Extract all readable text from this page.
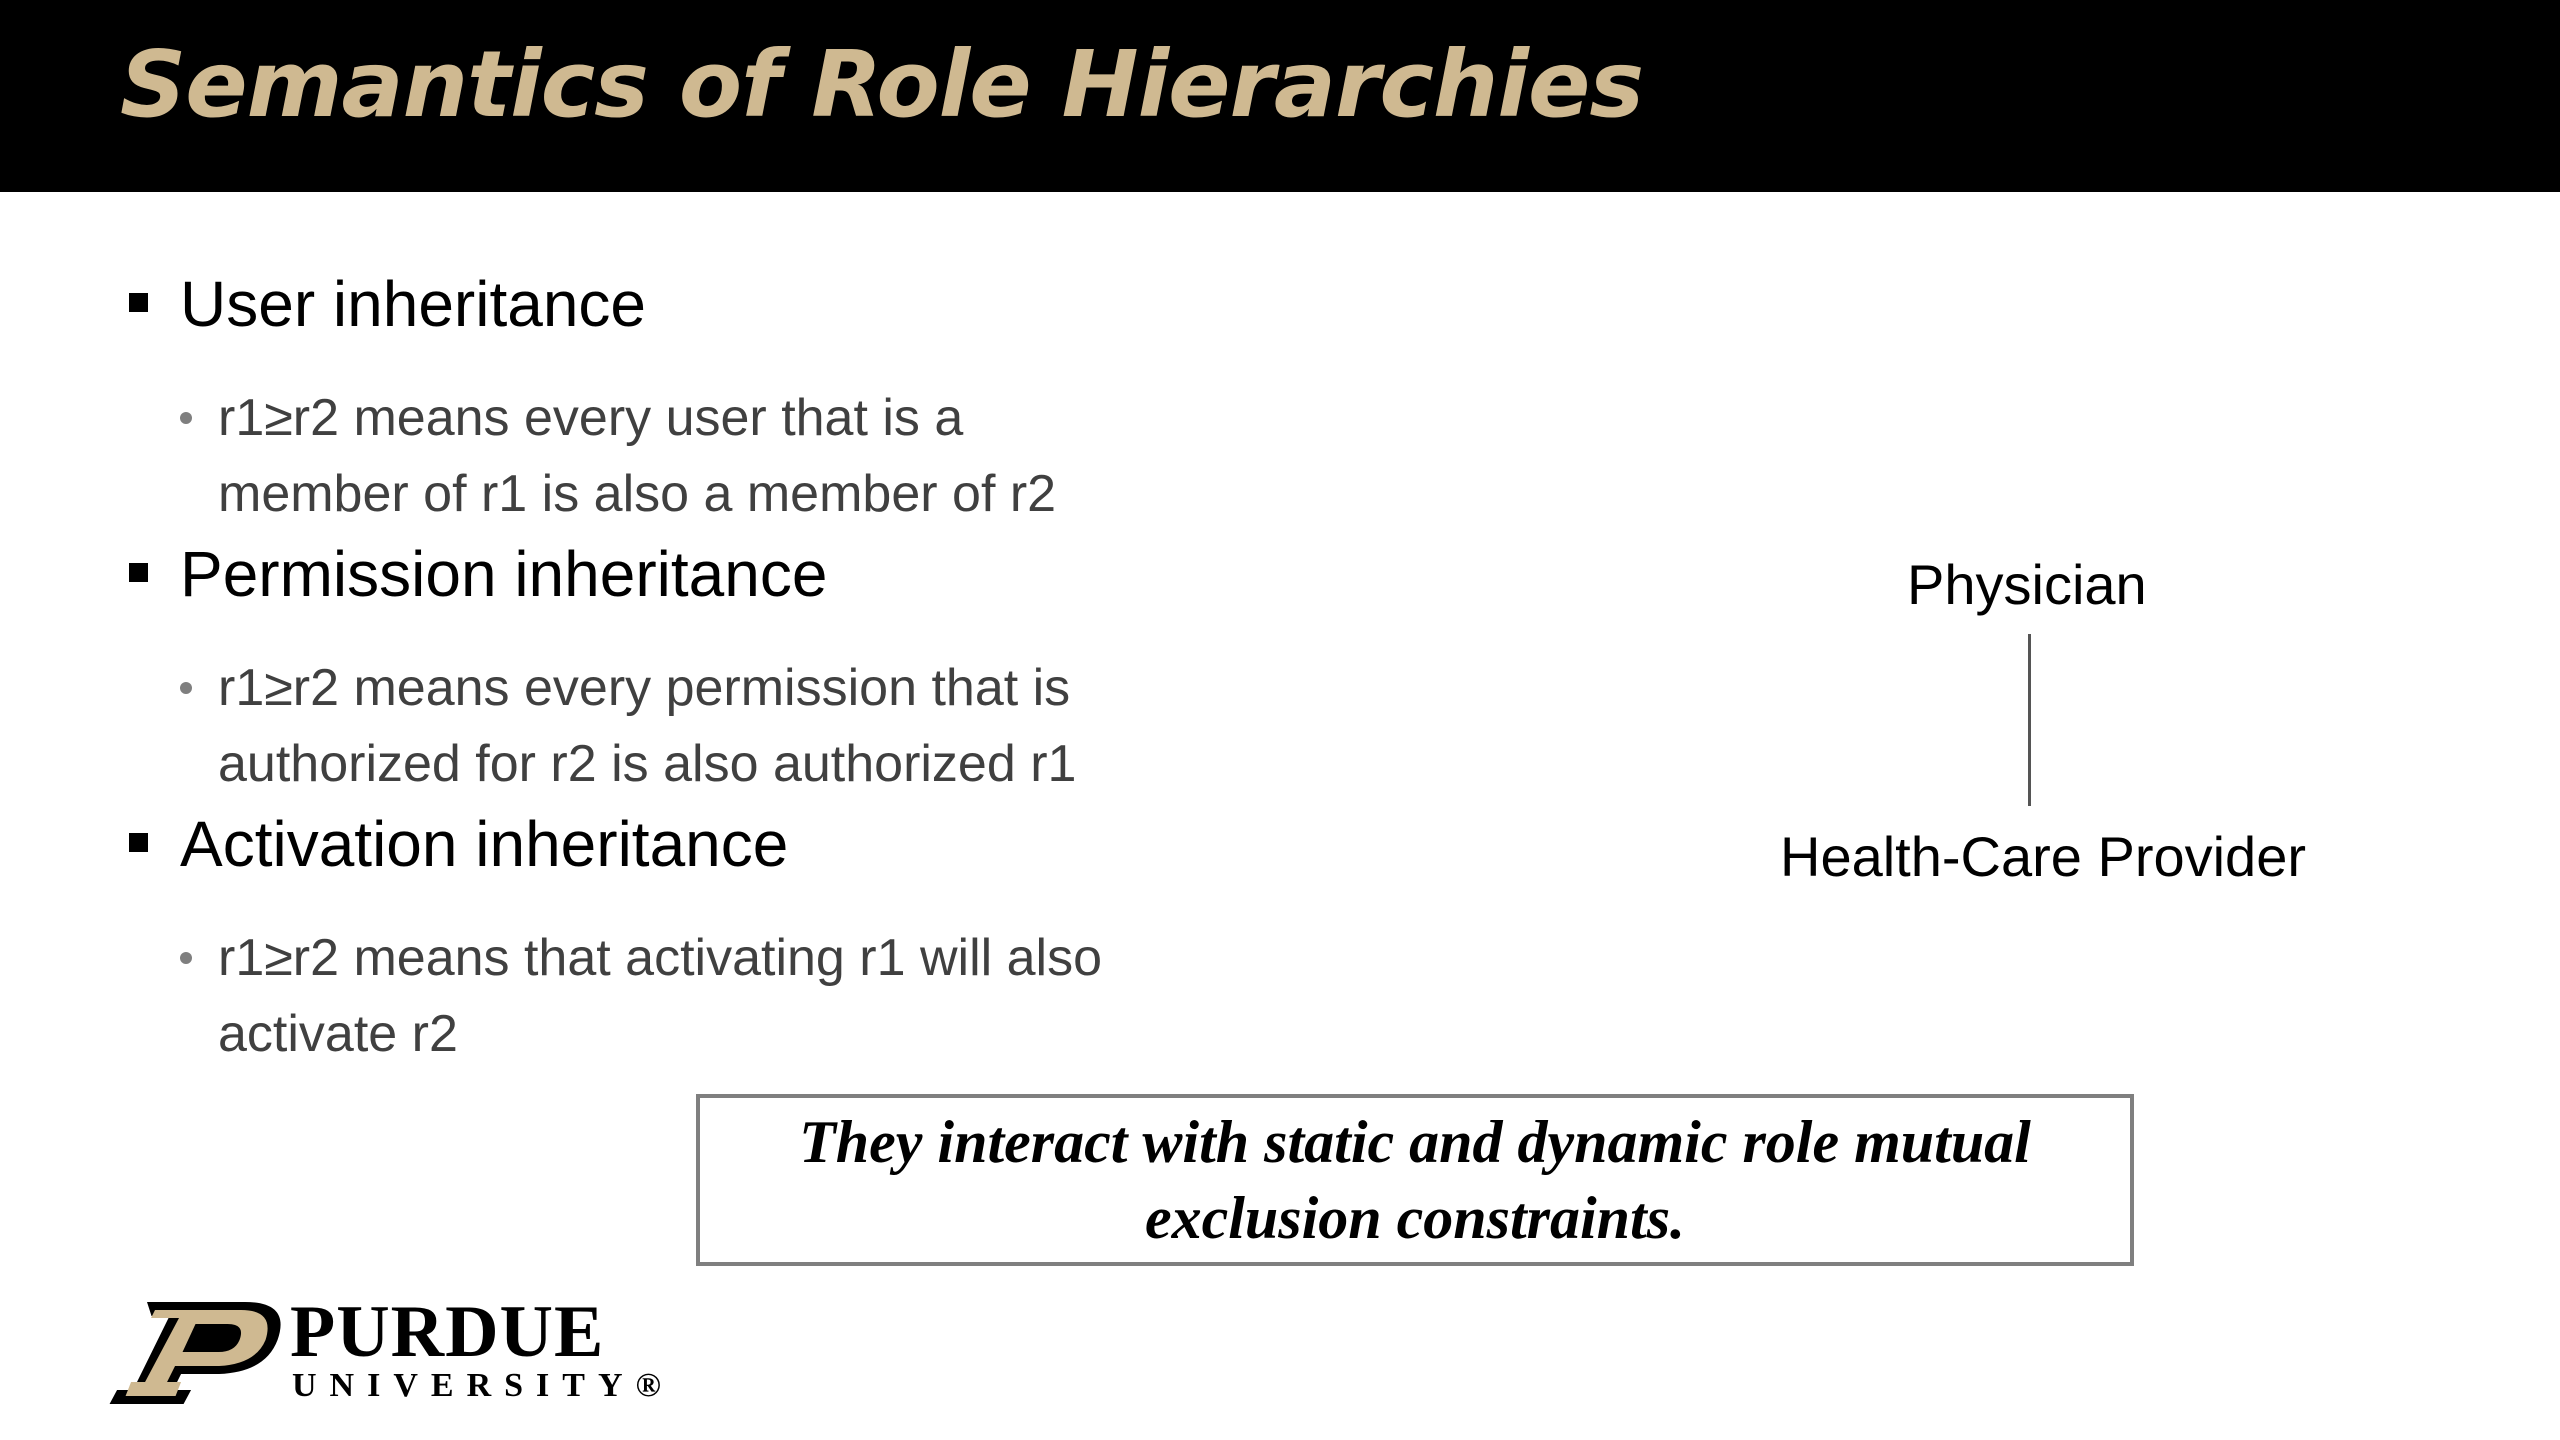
Semantics of Role Hierarchies
User inheritance
r1≥r2 means every user that is a
member of r1 is also a member of r2
Permission inheritance
r1≥r2 means every permission that is
authorized for r2 is also authorized r1
Activation inheritance
r1≥r2 means that activating r1 will also
activate r2
Physician
Health-Care Provider
They interact with static and dynamic role mutual
exclusion constraints.
PURDUE
UNIVERSITY®
